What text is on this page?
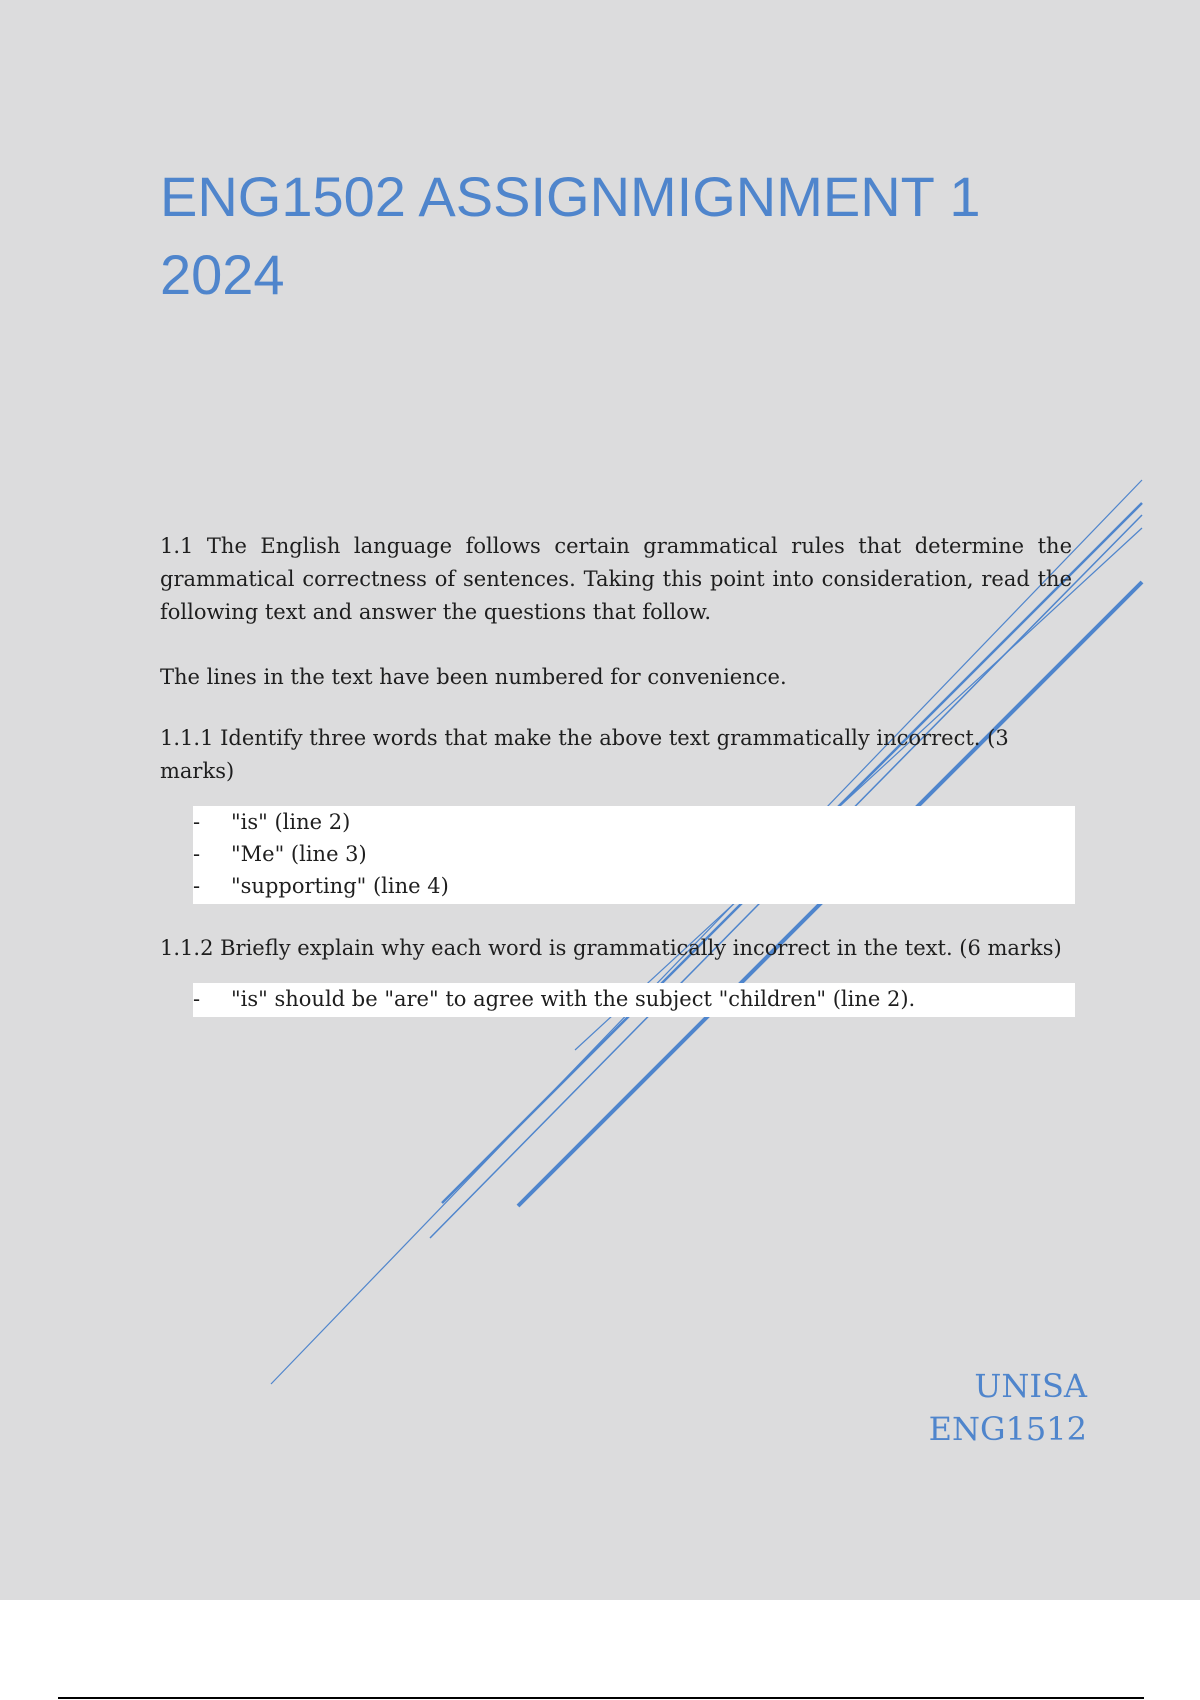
ENG1502 ASSIGNMIGNMENT 1
2024

1.1 The English language follows certain grammatical rules that determine the grammatical correctness of sentences. Taking this point into consideration, read the following text and answer the questions that follow.

The lines in the text have been numbered for convenience.

1.1.1 Identify three words that make the above text grammatically incorrect. (3 marks)

-	"is" (line 2)
-	"Me" (line 3)
-	"supporting" (line 4)

1.1.2 Briefly explain why each word is grammatically incorrect in the text. (6 marks)

-	"is" should be "are" to agree with the subject "children" (line 2).
UNISA
ENG1512
